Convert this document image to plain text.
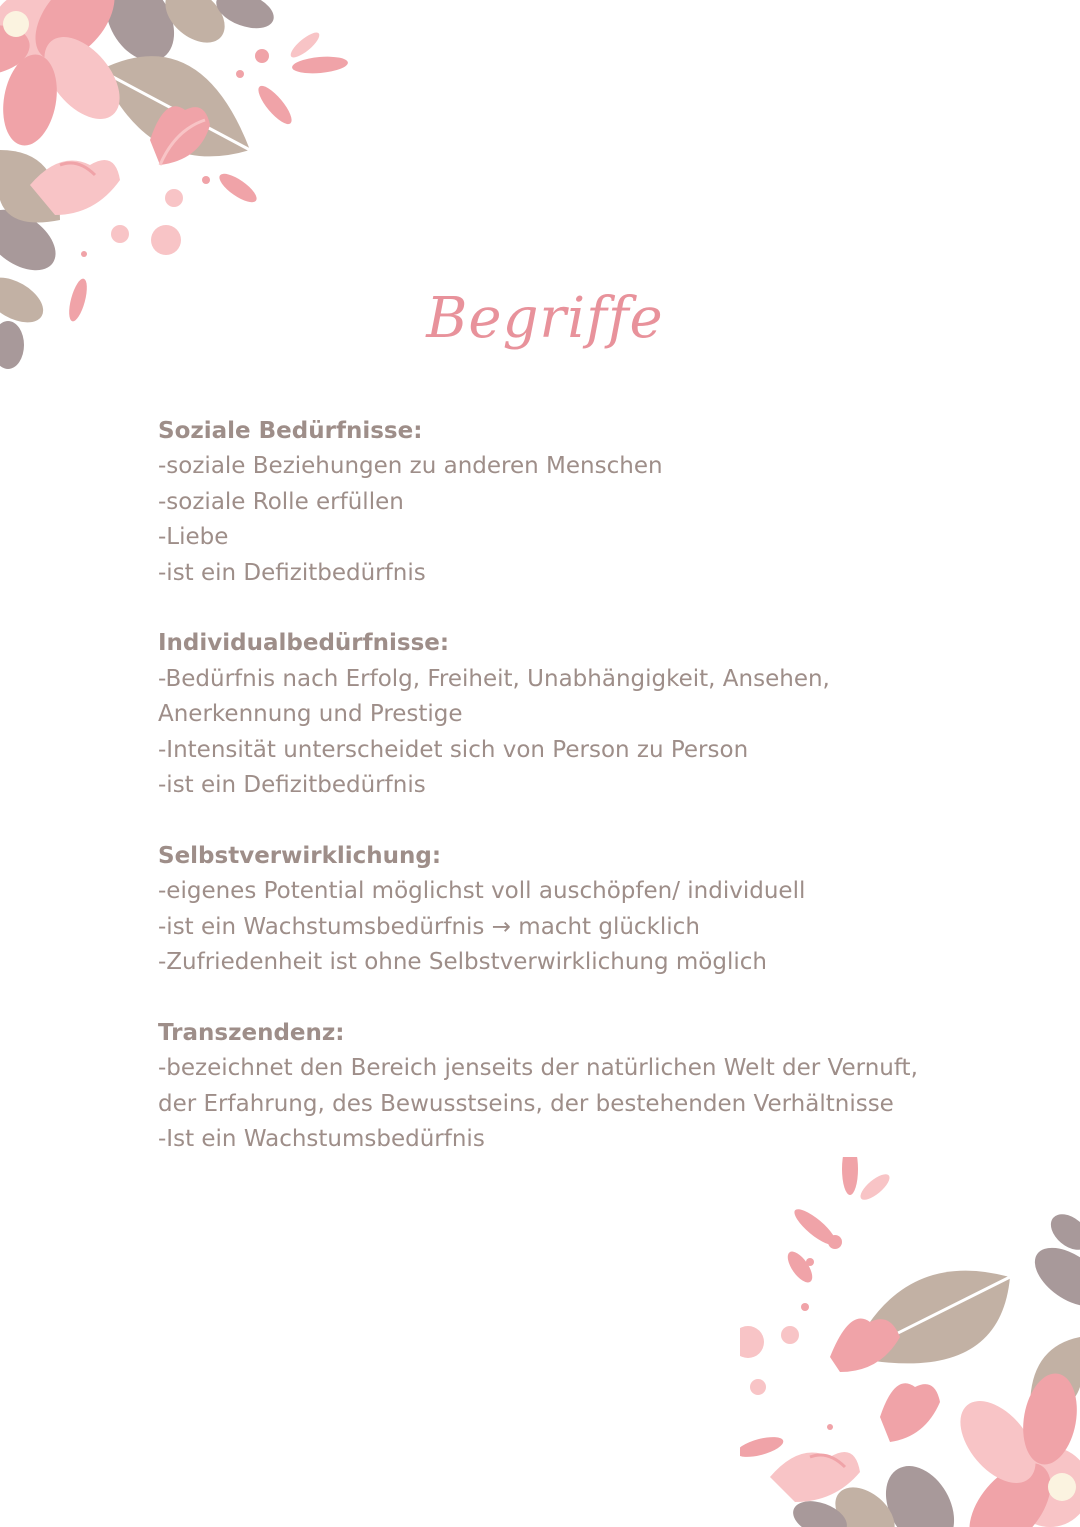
Begriffe

Soziale Bedürfnisse:

-soziale Beziehungen zu anderen Menschen

-soziale Rolle erfüllen

-Liebe

-ist ein Defizitbedürfnis

Individualbedürfnisse:

-Bedürfnis nach Erfolg, Freiheit, Unabhängigkeit, Ansehen, Anerkennung und Prestige

-Intensität unterscheidet sich von Person zu Person

-ist ein Defizitbedürfnis

Selbstverwirklichung:

-eigenes Potential möglichst voll auschöpfen/ individuell

-ist ein Wachstumsbedürfnis → macht glücklich

-Zufriedenheit ist ohne Selbstverwirklichung möglich

Transzendenz:

-bezeichnet den Bereich jenseits der natürlichen Welt der Vernuft, der Erfahrung, des Bewusstseins, der bestehenden Verhältnisse

-Ist ein Wachstumsbedürfnis
